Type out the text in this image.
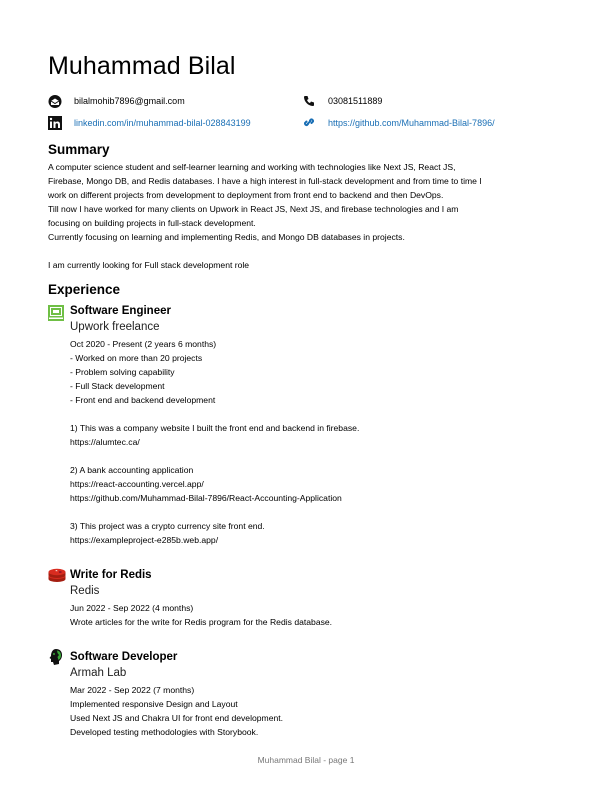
Muhammad Bilal
bilalmohib7896@gmail.com	03081511889
linkedin.com/in/muhammad-bilal-028843199	https://github.com/Muhammad-Bilal-7896/
Summary
A computer science student and self-learner learning and working with technologies like Next JS, React JS,
Firebase, Mongo DB, and Redis databases. I have a high interest in full-stack development and from time to time I
work on different projects from development to deployment from front end to backend and then DevOps.
Till now I have worked for many clients on Upwork in React JS, Next JS, and firebase technologies and I am
focusing on building projects in full-stack development.
Currently focusing on learning and implementing Redis, and Mongo DB databases in projects.
I am currently looking for Full stack development role
Experience
Software Engineer
Upwork freelance
Oct 2020 - Present (2 years 6 months)
- Worked on more than 20 projects
- Problem solving capability
- Full Stack development
- Front end and backend development
1) This was a company website I built the front end and backend in firebase.
https://alumtec.ca/
2) A bank accounting application
https://react-accounting.vercel.app/
https://github.com/Muhammad-Bilal-7896/React-Accounting-Application
3) This project was a crypto currency site front end.
https://exampleproject-e285b.web.app/
Write for Redis
Redis
Jun 2022 - Sep 2022 (4 months)
Wrote articles for the write for Redis program for the Redis database.
Software Developer
Armah Lab
Mar 2022 - Sep 2022 (7 months)
Implemented responsive Design and Layout
Used Next JS and Chakra UI for front end development.
Developed testing methodologies with Storybook.
Muhammad Bilal - page 1
